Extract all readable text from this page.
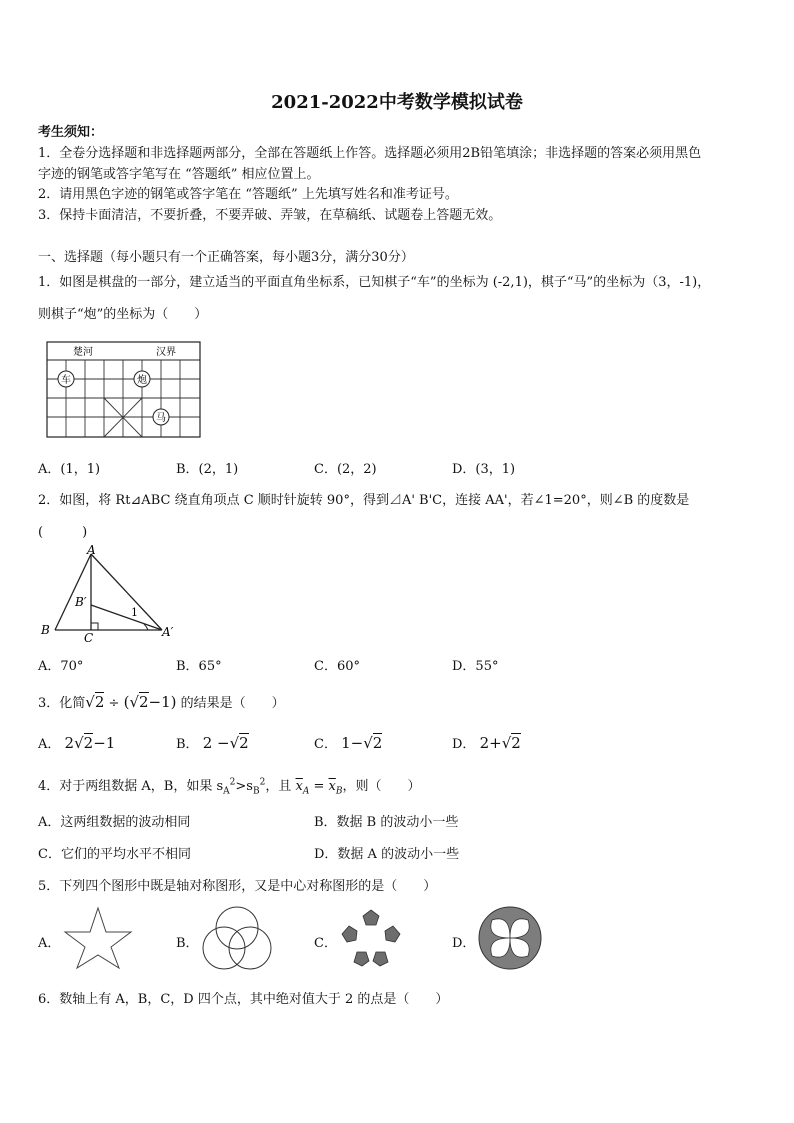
2021-2022中考数学模拟试卷
考生须知：
1．全卷分选择题和非选择题两部分，全部在答题纸上作答。选择题必须用2B铅笔填涂；非选择题的答案必须用黑色
字迹的钢笔或答字笔写在 “答题纸” 相应位置上。
2．请用黑色字迹的钢笔或答字笔在 “答题纸” 上先填写姓名和准考证号。
3．保持卡面清洁，不要折叠，不要弄破、弄皱，在草稿纸、试题卷上答题无效。
一、选择题（每小题只有一个正确答案，每小题3分，满分30分）
1．如图是棋盘的一部分，建立适当的平面直角坐标系，已知棋子“车”的坐标为 (-2,1)，棋子“马”的坐标为（3，-1)，
则棋子“炮”的坐标为（　　）
楚河	汉界
车	炮
马
A．(1，1)	B．(2，1)	C．(2，2)	D．(3，1)
2．如图，将 Rt⊿ABC 绕直角项点 C 顺时针旋转 90°，得到⊿A' B'C，连接 AA'，若∠1=20°，则∠B 的度数是
(　　　)
A
B
C
B′
A′
1
A．70°	B．65°	C．60°	D．55°
3．化简√2 ÷ (√2−1) 的结果是（　　）
A． 2√2−1	B． 2 −√2	C． 1−√2	D． 2+√2
4．对于两组数据 A，B，如果 $s_A^2>s_B^2$，且 $\overline{x}_A = \overline{x}_B$，则（　　）
A．这两组数据的波动相同	B．数据 B 的波动小一些
C．它们的平均水平不相同	D．数据 A 的波动小一些
5．下列四个图形中既是轴对称图形，又是中心对称图形的是（　　）
A．	B．	C．	D．
6．数轴上有 A，B，C，D 四个点，其中绝对值大于 2 的点是（　　）
